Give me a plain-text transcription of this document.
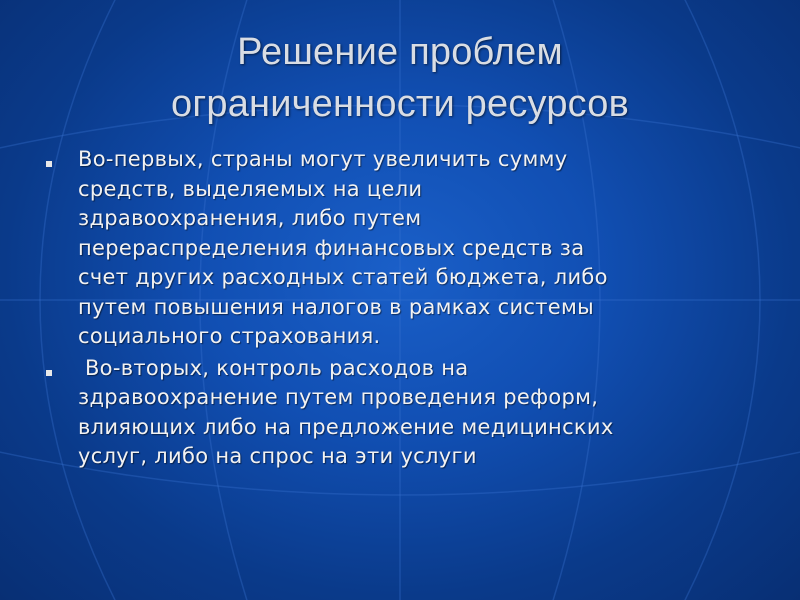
Решение проблем
ограниченности ресурсов
Во-первых, страны могут увеличить сумму
средств, выделяемых на цели
здравоохранения, либо путем
перераспределения финансовых средств за
счет других расходных статей бюджета, либо
путем повышения налогов в рамках системы
социального страхования.
Во-вторых, контроль расходов на
здравоохранение путем проведения реформ,
влияющих либо на предложение медицинских
услуг, либо на спрос на эти услуги
